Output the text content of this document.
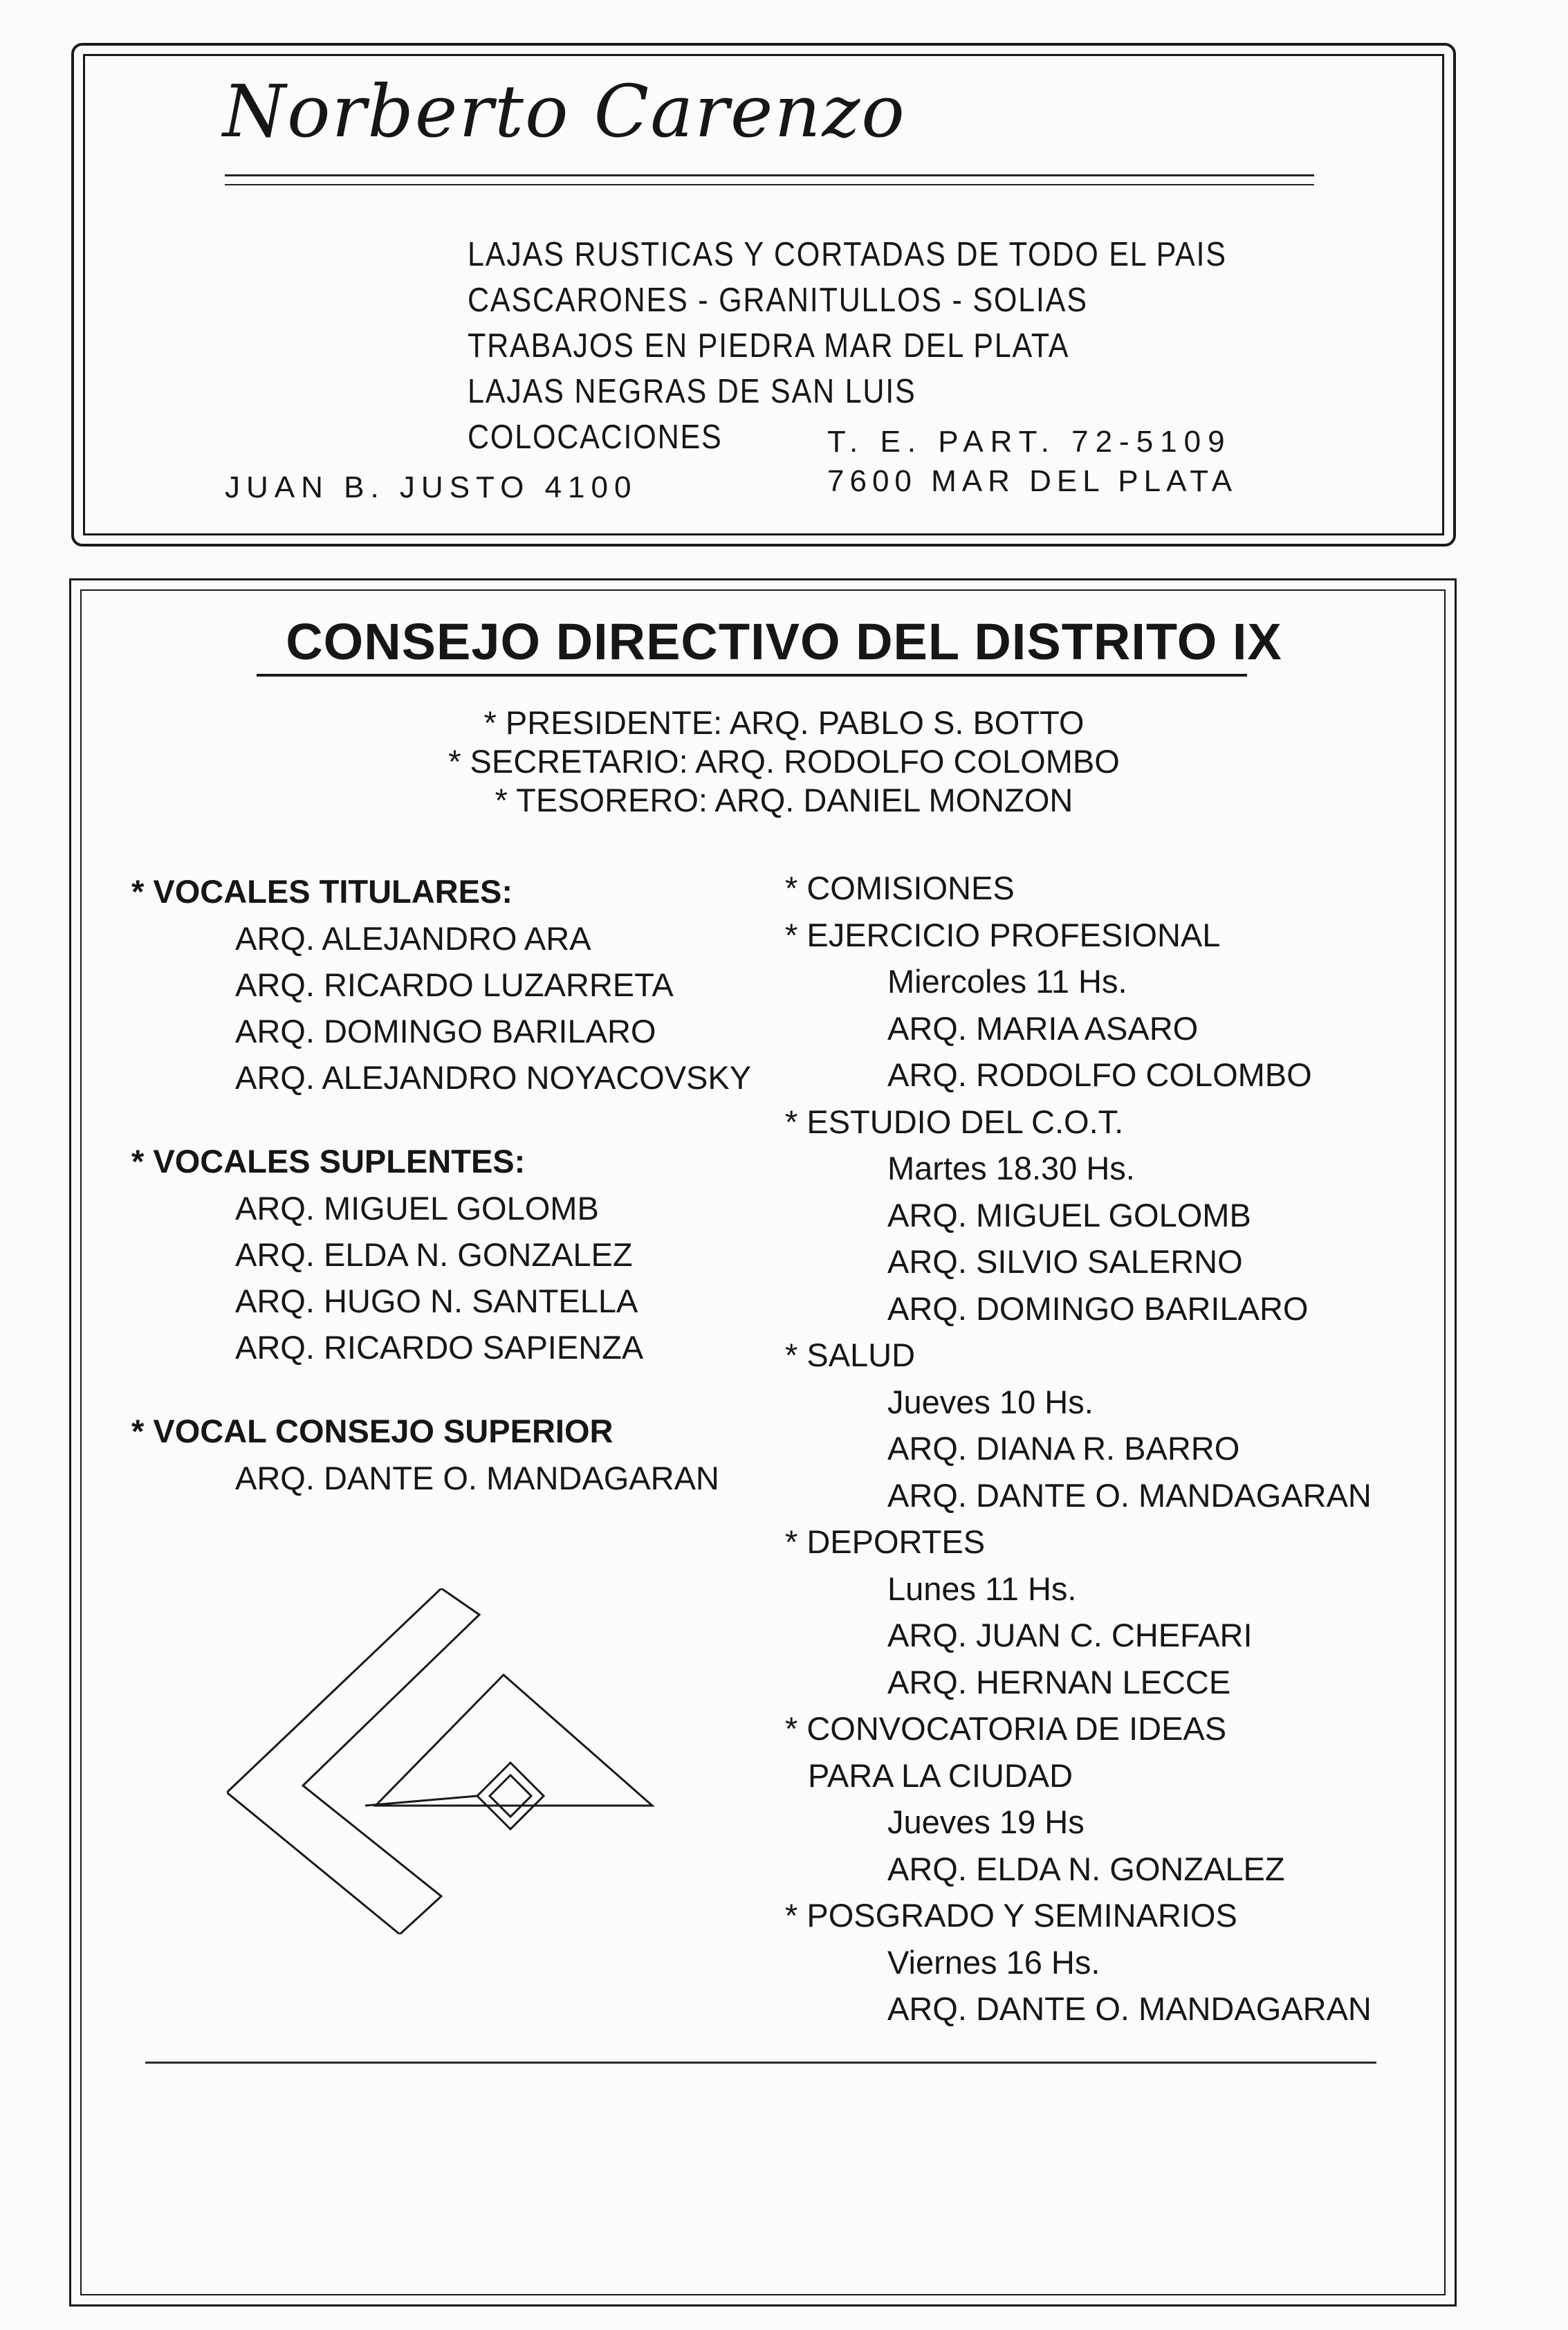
Norberto Carenzo
LAJAS RUSTICAS Y CORTADAS DE TODO EL PAIS
CASCARONES - GRANITULLOS - SOLIAS
TRABAJOS EN PIEDRA MAR DEL PLATA
LAJAS NEGRAS DE SAN LUIS
COLOCACIONES
JUAN B. JUSTO 4100
T. E. PART. 72-5109
7600 MAR DEL PLATA
CONSEJO DIRECTIVO DEL DISTRITO IX
* PRESIDENTE: ARQ. PABLO S. BOTTO
* SECRETARIO: ARQ. RODOLFO COLOMBO
* TESORERO: ARQ. DANIEL MONZON
* VOCALES TITULARES:
ARQ. ALEJANDRO ARA
ARQ. RICARDO LUZARRETA
ARQ. DOMINGO BARILARO
ARQ. ALEJANDRO NOYACOVSKY
* VOCALES SUPLENTES:
ARQ. MIGUEL GOLOMB
ARQ. ELDA N. GONZALEZ
ARQ. HUGO N. SANTELLA
ARQ. RICARDO SAPIENZA
* VOCAL CONSEJO SUPERIOR
ARQ. DANTE O. MANDAGARAN
* COMISIONES
* EJERCICIO PROFESIONAL
Miercoles 11 Hs.
ARQ. MARIA ASARO
ARQ. RODOLFO COLOMBO
* ESTUDIO DEL C.O.T.
Martes 18.30 Hs.
ARQ. MIGUEL GOLOMB
ARQ. SILVIO SALERNO
ARQ. DOMINGO BARILARO
* SALUD
Jueves 10 Hs.
ARQ. DIANA R. BARRO
ARQ. DANTE O. MANDAGARAN
* DEPORTES
Lunes 11 Hs.
ARQ. JUAN C. CHEFARI
ARQ. HERNAN LECCE
* CONVOCATORIA DE IDEAS
PARA LA CIUDAD
Jueves 19 Hs
ARQ. ELDA N. GONZALEZ
* POSGRADO Y SEMINARIOS
Viernes 16 Hs.
ARQ. DANTE O. MANDAGARAN
